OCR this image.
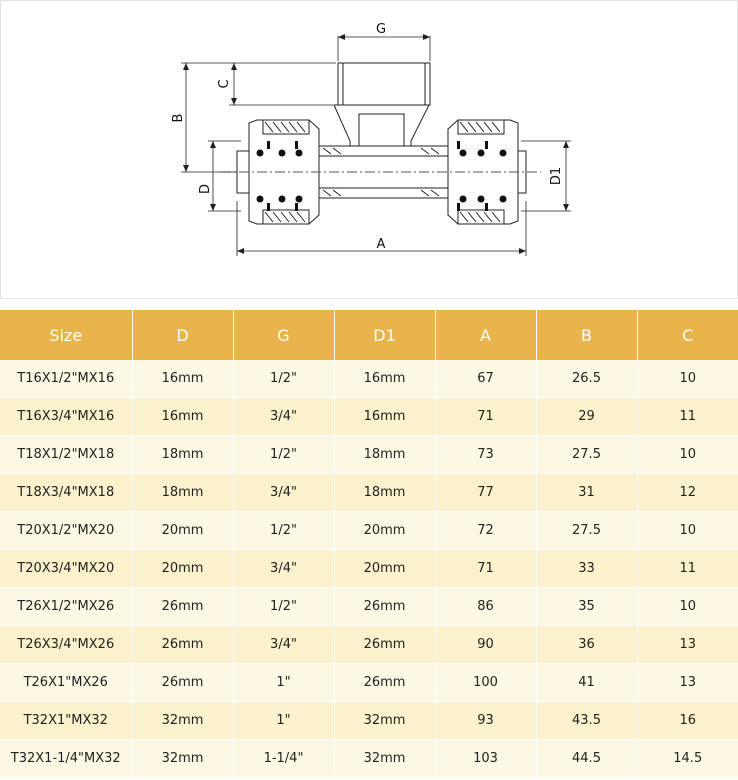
G
C
B
D
D1
A
Size	D	G	D1	A	B	C
T16X1/2"MX16	16mm	1/2"	16mm	67	26.5	10
T16X3/4"MX16	16mm	3/4"	16mm	71	29	11
T18X1/2"MX18	18mm	1/2"	18mm	73	27.5	10
T18X3/4"MX18	18mm	3/4"	18mm	77	31	12
T20X1/2"MX20	20mm	1/2"	20mm	72	27.5	10
T20X3/4"MX20	20mm	3/4"	20mm	71	33	11
T26X1/2"MX26	26mm	1/2"	26mm	86	35	10
T26X3/4"MX26	26mm	3/4"	26mm	90	36	13
T26X1"MX26	26mm	1"	26mm	100	41	13
T32X1"MX32	32mm	1"	32mm	93	43.5	16
T32X1-1/4"MX32	32mm	1-1/4"	32mm	103	44.5	14.5
